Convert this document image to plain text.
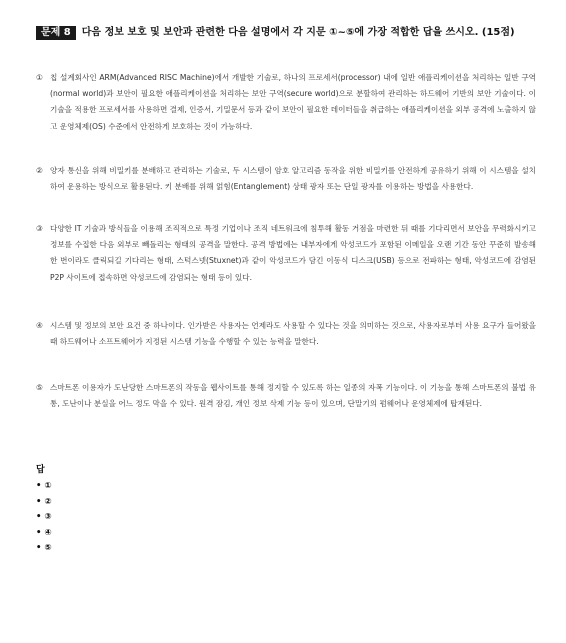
문제 8 다음 정보 보호 및 보안과 관련한 다음 설명에서 각 지문 ①~⑤에 가장 적합한 답을 쓰시오. (15점)
① 칩 설계회사인 ARM(Advanced RISC Machine)에서 개발한 기술로, 하나의 프로세서(processor) 내에 일반 애플리케이션을 처리하는 일반 구역(normal world)과 보안이 필요한 애플리케이션을 처리하는 보안 구역(secure world)으로 분할하여 관리하는 하드웨어 기반의 보안 기술이다. 이 기술을 적용한 프로세서를 사용하면 결제, 인증서, 기밀문서 등과 같이 보안이 필요한 데이터들을 취급하는 애플리케이션을 외부 공격에 노출하지 않고 운영체제(OS) 수준에서 안전하게 보호하는 것이 가능하다.
② 양자 통신을 위해 비밀키를 분배하고 관리하는 기술로, 두 시스템이 암호 알고리즘 동작을 위한 비밀키를 안전하게 공유하기 위해 이 시스템을 설치하여 운용하는 방식으로 활용된다. 키 분배를 위해 얽힘(Entanglement) 상태 광자 또는 단일 광자를 이용하는 방법을 사용한다.
③ 다양한 IT 기술과 방식들을 이용해 조직적으로 특정 기업이나 조직 네트워크에 침투해 활동 거점을 마련한 뒤 때를 기다리면서 보안을 무력화시키고 정보를 수집한 다음 외부로 빼돌리는 형태의 공격을 말한다. 공격 방법에는 내부자에게 악성코드가 포함된 이메일을 오랜 기간 동안 꾸준히 발송해 한 번이라도 클릭되길 기다리는 형태, 스턱스넷(Stuxnet)과 같이 악성코드가 담긴 이동식 디스크(USB) 등으로 전파하는 형태, 악성코드에 감염된 P2P 사이트에 접속하면 악성코드에 감염되는 형태 등이 있다.
④ 시스템 및 정보의 보안 요건 중 하나이다. 인가받은 사용자는 언제라도 사용할 수 있다는 것을 의미하는 것으로, 사용자로부터 사용 요구가 들어왔을 때 하드웨어나 소프트웨어가 지정된 시스템 기능을 수행할 수 있는 능력을 말한다.
⑤ 스마트폰 이용자가 도난당한 스마트폰의 작동을 웹사이트를 통해 정지할 수 있도록 하는 일종의 자폭 기능이다. 이 기능을 통해 스마트폰의 불법 유통, 도난이나 분실을 어느 정도 막을 수 있다. 원격 잠김, 개인 정보 삭제 기능 등이 있으며, 단말기의 펌웨어나 운영체제에 탑재된다.
답
• ①
• ②
• ③
• ④
• ⑤
